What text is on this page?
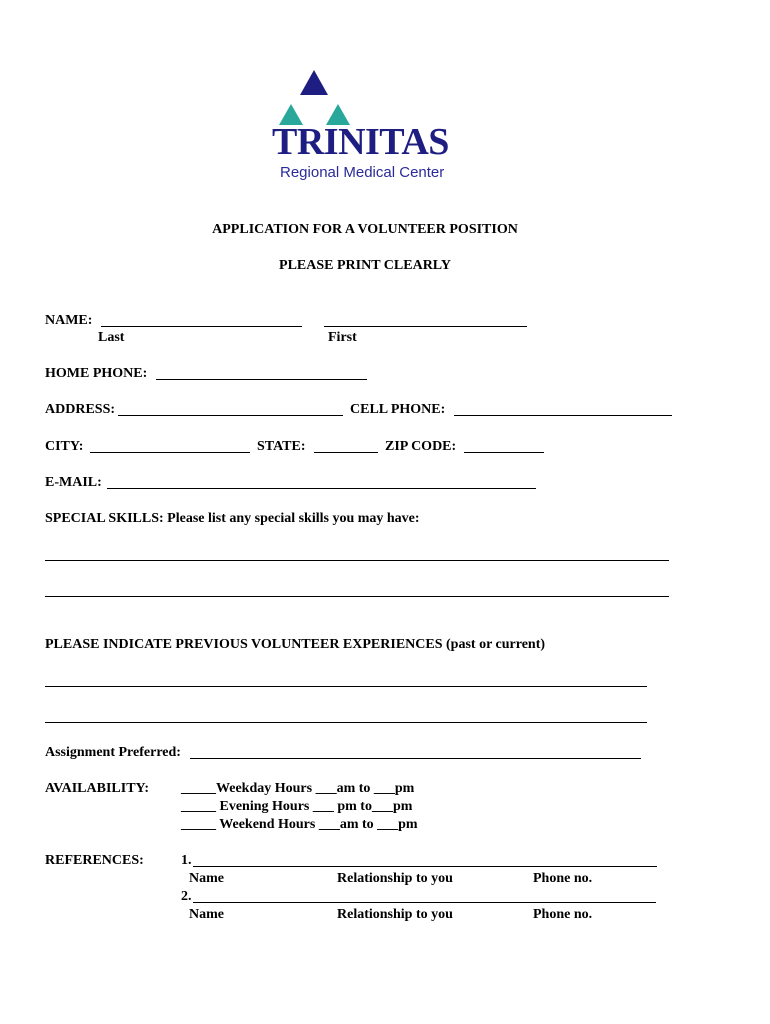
TRINITAS
Regional Medical Center
APPLICATION FOR A VOLUNTEER POSITION
PLEASE PRINT CLEARLY
NAME:
Last	First
HOME PHONE:
ADDRESS:	CELL PHONE:
CITY:	STATE:	ZIP CODE:
E-MAIL:
SPECIAL SKILLS: Please list any special skills you may have:
PLEASE INDICATE PREVIOUS VOLUNTEER EXPERIENCES (past or current)
Assignment Preferred:
AVAILABILITY: _____Weekday Hours ___am to ___pm
_____ Evening Hours ___ pm to___pm
_____ Weekend Hours ___am to ___pm
REFERENCES:	1.
Name	Relationship to you	Phone no.
2.
Name	Relationship to you	Phone no.
